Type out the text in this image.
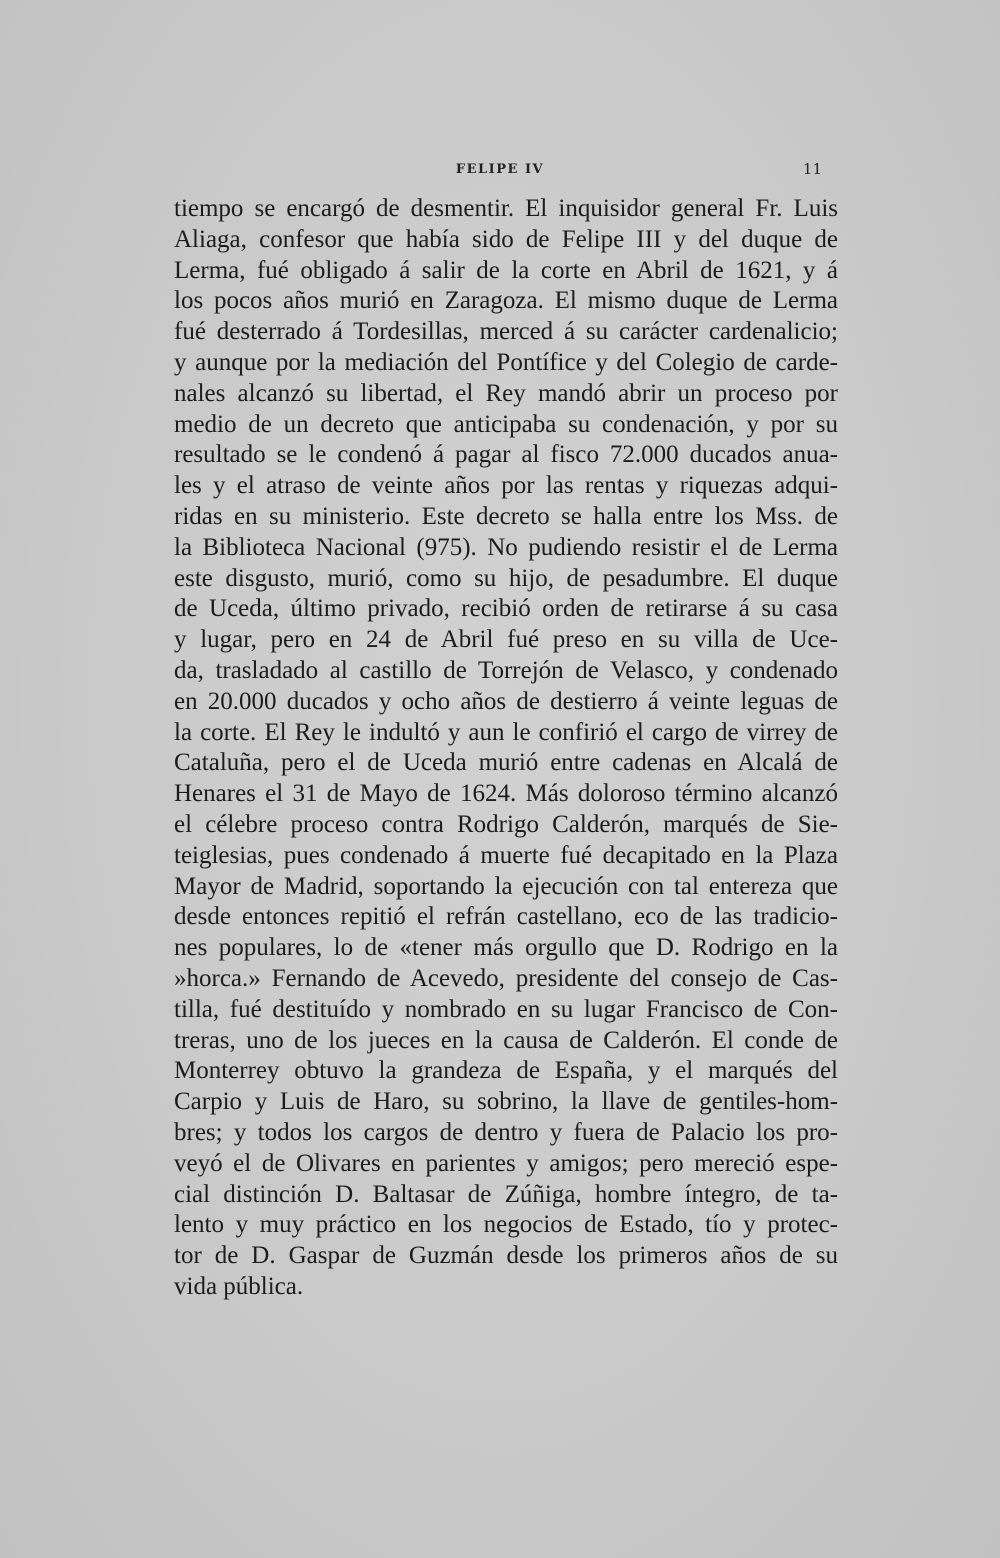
FELIPE IV	11
tiempo se encargó de desmentir. El inquisidor general Fr. Luis
Aliaga, confesor que había sido de Felipe III y del duque de
Lerma, fué obligado á salir de la corte en Abril de 1621, y á
los pocos años murió en Zaragoza. El mismo duque de Lerma
fué desterrado á Tordesillas, merced á su carácter cardenalicio;
y aunque por la mediación del Pontífice y del Colegio de carde-
nales alcanzó su libertad, el Rey mandó abrir un proceso por
medio de un decreto que anticipaba su condenación, y por su
resultado se le condenó á pagar al fisco 72.000 ducados anua-
les y el atraso de veinte años por las rentas y riquezas adqui-
ridas en su ministerio. Este decreto se halla entre los Mss. de
la Biblioteca Nacional (975). No pudiendo resistir el de Lerma
este disgusto, murió, como su hijo, de pesadumbre. El duque
de Uceda, último privado, recibió orden de retirarse á su casa
y lugar, pero en 24 de Abril fué preso en su villa de Uce-
da, trasladado al castillo de Torrejón de Velasco, y condenado
en 20.000 ducados y ocho años de destierro á veinte leguas de
la corte. El Rey le indultó y aun le confirió el cargo de virrey de
Cataluña, pero el de Uceda murió entre cadenas en Alcalá de
Henares el 31 de Mayo de 1624. Más doloroso término alcanzó
el célebre proceso contra Rodrigo Calderón, marqués de Sie-
teiglesias, pues condenado á muerte fué decapitado en la Plaza
Mayor de Madrid, soportando la ejecución con tal entereza que
desde entonces repitió el refrán castellano, eco de las tradicio-
nes populares, lo de «tener más orgullo que D. Rodrigo en la
»horca.» Fernando de Acevedo, presidente del consejo de Cas-
tilla, fué destituído y nombrado en su lugar Francisco de Con-
treras, uno de los jueces en la causa de Calderón. El conde de
Monterrey obtuvo la grandeza de España, y el marqués del
Carpio y Luis de Haro, su sobrino, la llave de gentiles-hom-
bres; y todos los cargos de dentro y fuera de Palacio los pro-
veyó el de Olivares en parientes y amigos; pero mereció espe-
cial distinción D. Baltasar de Zúñiga, hombre íntegro, de ta-
lento y muy práctico en los negocios de Estado, tío y protec-
tor de D. Gaspar de Guzmán desde los primeros años de su
vida pública.
